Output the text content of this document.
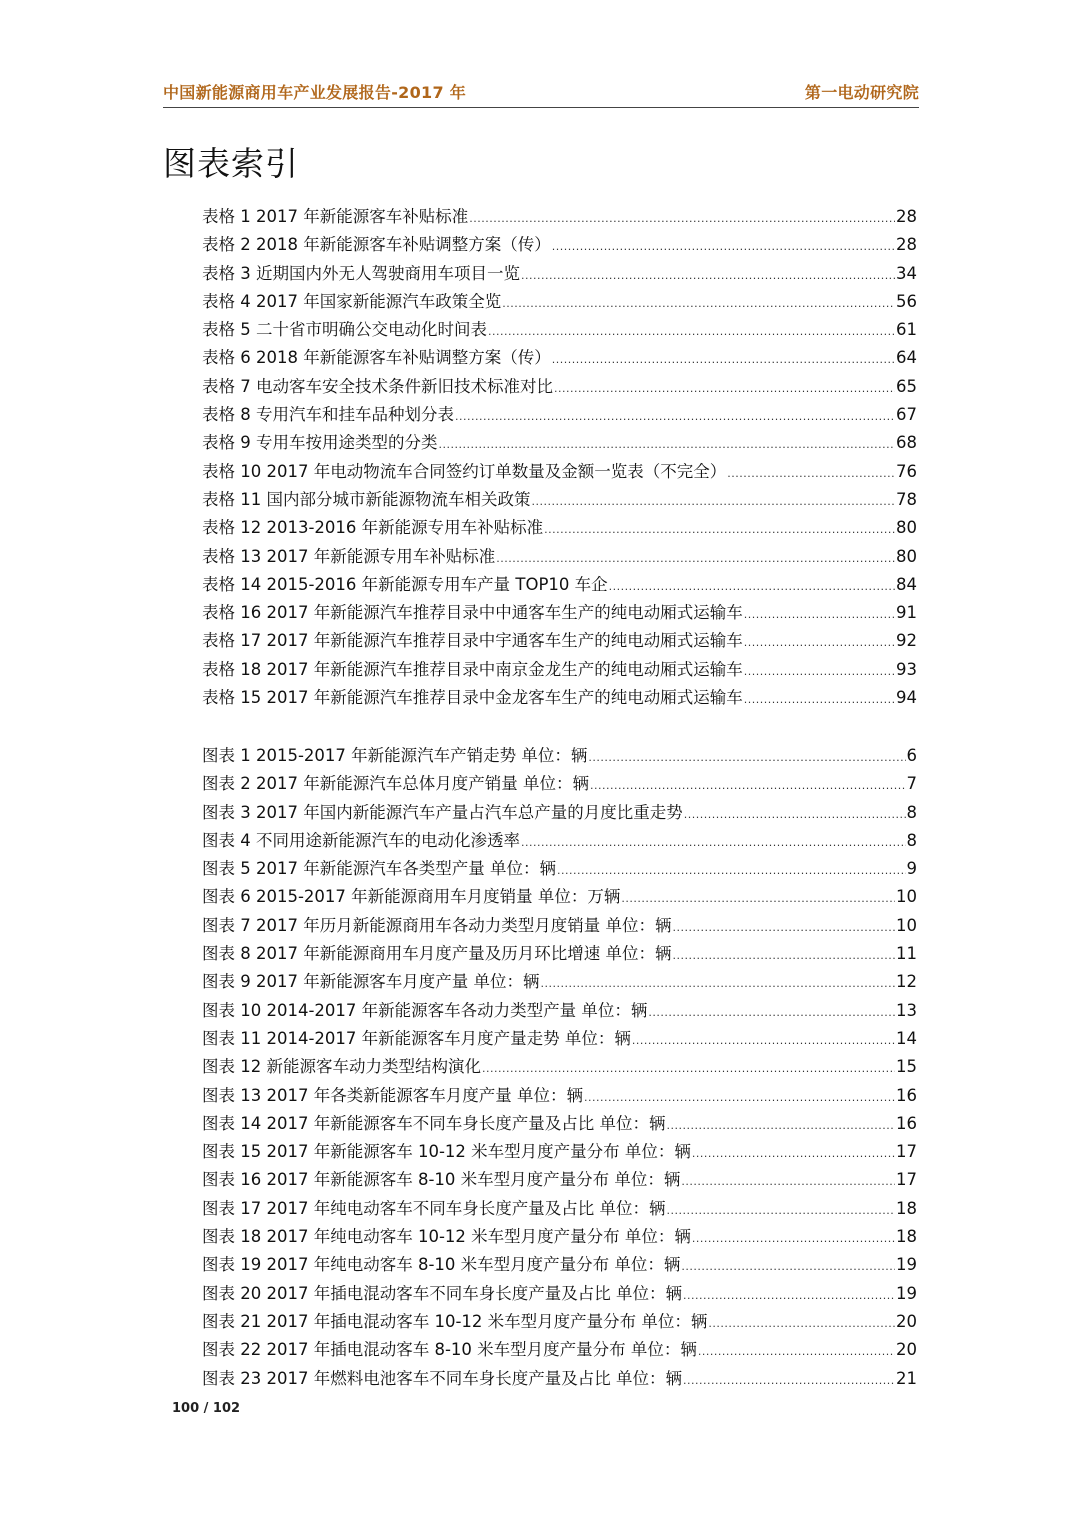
中国新能源商用车产业发展报告-2017 年	第一电动研究院
图表索引
表格 1 2017 年新能源客车补贴标准 .....	28
表格 2 2018 年新能源客车补贴调整方案（传） .....	28
表格 3 近期国内外无人驾驶商用车项目一览 .....	34
表格 4 2017 年国家新能源汽车政策全览 .....	56
表格 5 二十省市明确公交电动化时间表 .....	61
表格 6 2018 年新能源客车补贴调整方案（传） .....	64
表格 7 电动客车安全技术条件新旧技术标准对比 .....	65
表格 8 专用汽车和挂车品种划分表 .....	67
表格 9 专用车按用途类型的分类 .....	68
表格 10 2017 年电动物流车合同签约订单数量及金额一览表（不完全） .....	76
表格 11 国内部分城市新能源物流车相关政策 .....	78
表格 12 2013-2016 年新能源专用车补贴标准 .....	80
表格 13 2017 年新能源专用车补贴标准 .....	80
表格 14 2015-2016 年新能源专用车产量 TOP10 车企 .....	84
表格 16 2017 年新能源汽车推荐目录中中通客车生产的纯电动厢式运输车 .....	91
表格 17 2017 年新能源汽车推荐目录中宇通客车生产的纯电动厢式运输车 .....	92
表格 18 2017 年新能源汽车推荐目录中南京金龙生产的纯电动厢式运输车 .....	93
表格 15 2017 年新能源汽车推荐目录中金龙客车生产的纯电动厢式运输车 .....	94
图表 1 2015-2017 年新能源汽车产销走势 单位：辆 .....	6
图表 2 2017 年新能源汽车总体月度产销量 单位：辆 .....	7
图表 3 2017 年国内新能源汽车产量占汽车总产量的月度比重走势 .....	8
图表 4 不同用途新能源汽车的电动化渗透率 .....	8
图表 5 2017 年新能源汽车各类型产量 单位：辆 .....	9
图表 6 2015-2017 年新能源商用车月度销量 单位：万辆 .....	10
图表 7 2017 年历月新能源商用车各动力类型月度销量 单位：辆 .....	10
图表 8 2017 年新能源商用车月度产量及历月环比增速 单位：辆 .....	11
图表 9 2017 年新能源客车月度产量 单位：辆 .....	12
图表 10 2014-2017 年新能源客车各动力类型产量 单位：辆 .....	13
图表 11 2014-2017 年新能源客车月度产量走势 单位：辆 .....	14
图表 12 新能源客车动力类型结构演化 .....	15
图表 13 2017 年各类新能源客车月度产量 单位：辆 .....	16
图表 14 2017 年新能源客车不同车身长度产量及占比 单位：辆 .....	16
图表 15 2017 年新能源客车 10-12 米车型月度产量分布 单位：辆 .....	17
图表 16 2017 年新能源客车 8-10 米车型月度产量分布 单位：辆 .....	17
图表 17 2017 年纯电动客车不同车身长度产量及占比 单位：辆 .....	18
图表 18 2017 年纯电动客车 10-12 米车型月度产量分布 单位：辆 .....	18
图表 19 2017 年纯电动客车 8-10 米车型月度产量分布 单位：辆 .....	19
图表 20 2017 年插电混动客车不同车身长度产量及占比 单位：辆 .....	19
图表 21 2017 年插电混动客车 10-12 米车型月度产量分布 单位：辆 .....	20
图表 22 2017 年插电混动客车 8-10 米车型月度产量分布 单位：辆 .....	20
图表 23 2017 年燃料电池客车不同车身长度产量及占比 单位：辆 .....	21
100 / 102
